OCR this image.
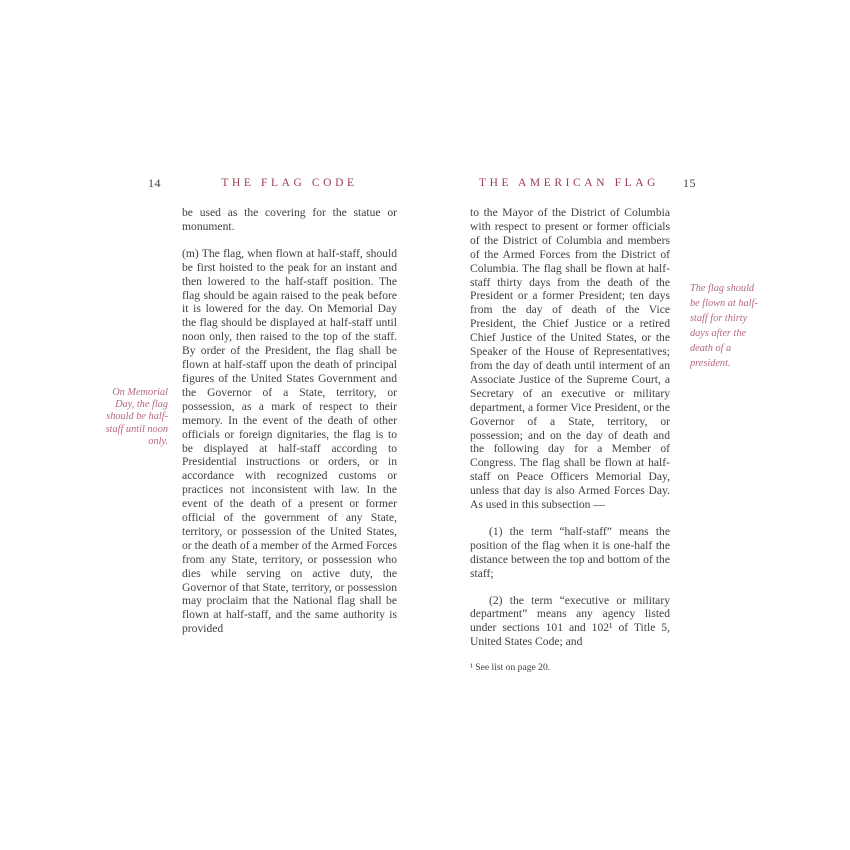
14	THE FLAG CODE	THE AMERICAN FLAG	15

be used as the covering for the statue or monument.

(m) The flag, when flown at half-staff, should be first hoisted to the peak for an instant and then lowered to the half-staff position. The flag should be again raised to the peak before it is lowered for the day. On Memorial Day the flag should be displayed at half-staff until noon only, then raised to the top of the staff. By order of the President, the flag shall be flown at half-staff upon the death of principal figures of the United States Government and the Governor of a State, territory, or possession, as a mark of respect to their memory. In the event of the death of other officials or foreign dignitaries, the flag is to be displayed at half-staff according to Presidential instructions or orders, or in accordance with recognized customs or practices not inconsistent with law. In the event of the death of a present or former official of the government of any State, territory, or possession of the United States, or the death of a member of the Armed Forces from any State, territory, or possession who dies while serving on active duty, the Governor of that State, territory, or possession may proclaim that the National flag shall be flown at half-staff, and the same authority is provided

On Memorial Day, the flag should be half-staff until noon only.

to the Mayor of the District of Columbia with respect to present or former officials of the District of Columbia and members of the Armed Forces from the District of Columbia. The flag shall be flown at half-staff thirty days from the death of the President or a former President; ten days from the day of death of the Vice President, the Chief Justice or a retired Chief Justice of the United States, or the Speaker of the House of Representatives; from the day of death until interment of an Associate Justice of the Supreme Court, a Secretary of an executive or military department, a former Vice President, or the Governor of a State, territory, or possession; and on the day of death and the following day for a Member of Congress. The flag shall be flown at half-staff on Peace Officers Memorial Day, unless that day is also Armed Forces Day. As used in this subsection —

(1) the term “half-staff” means the position of the flag when it is one-half the distance between the top and bottom of the staff;

(2) the term “executive or military department” means any agency listed under sections 101 and 102¹ of Title 5, United States Code; and

¹ See list on page 20.
The flag should be flown at half-staff for thirty days after the death of a president.
